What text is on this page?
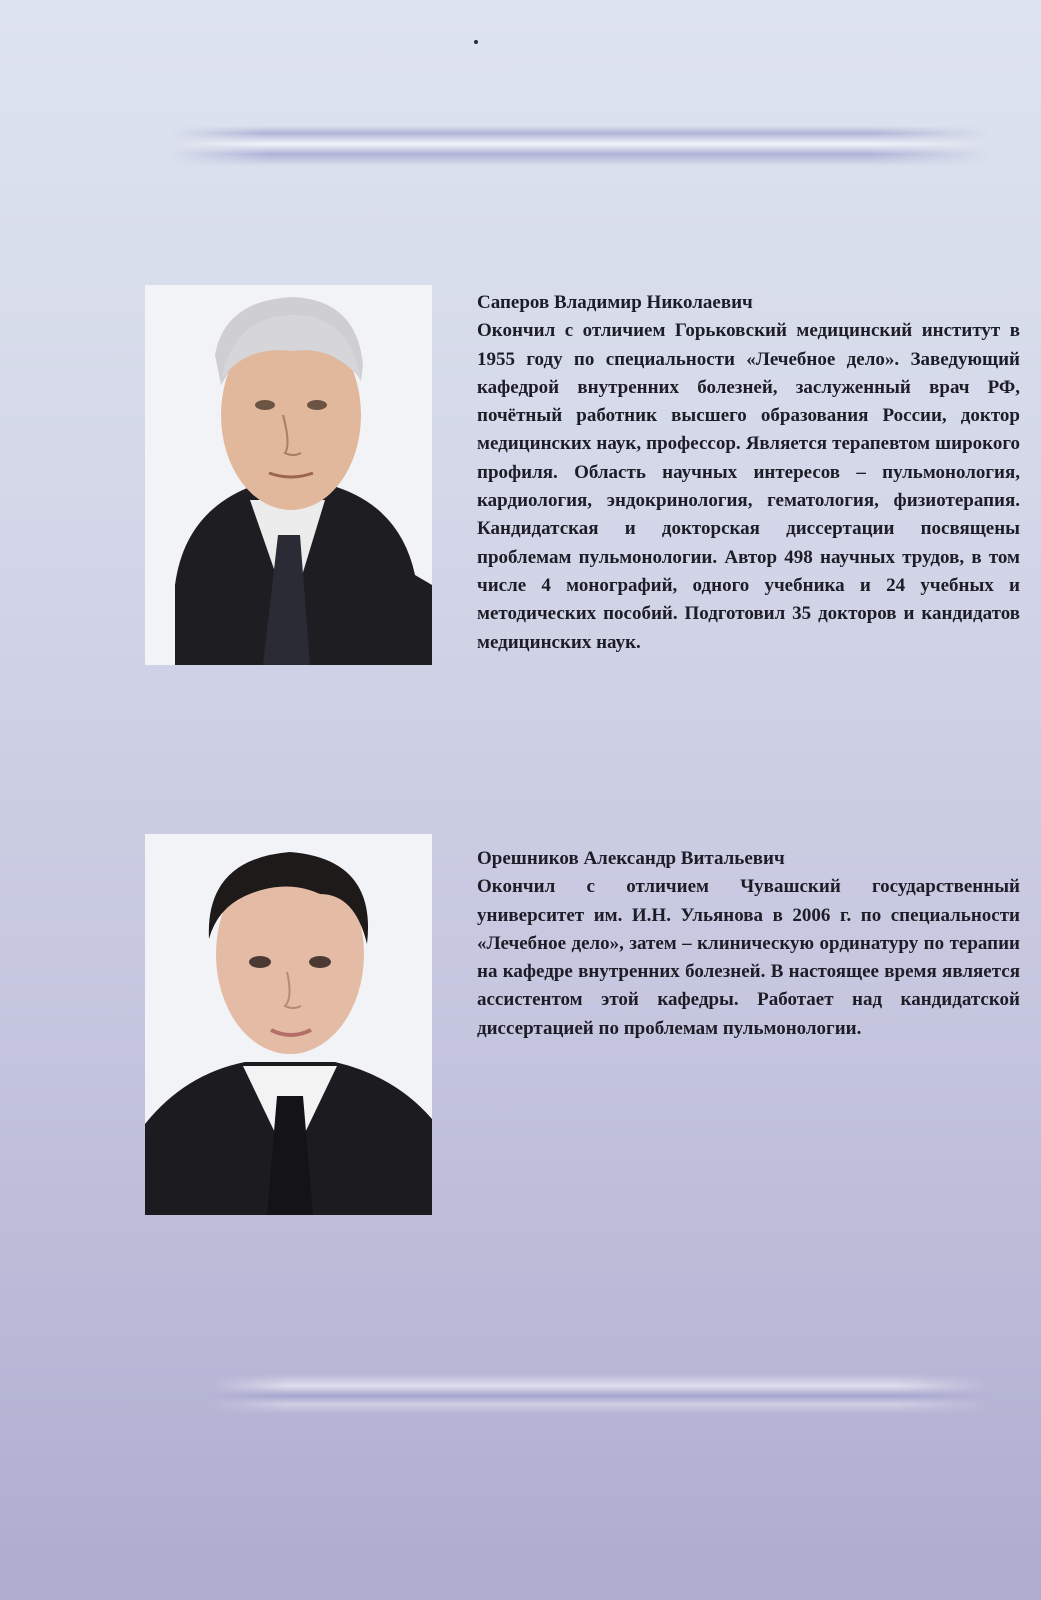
Саперов Владимир Николаевич
Окончил с отличием Горьковский медицинский институт в 1955 году по специальности «Лечебное дело». Заведующий кафедрой внутренних болезней, заслуженный врач РФ, почётный работник высшего образования России, доктор медицинских наук, профессор. Является терапевтом широкого профиля. Область научных интересов – пульмонология, кардиология, эндокринология, гематология, физиотерапия. Кандидатская и докторская диссертации посвящены проблемам пульмонологии. Автор 498 научных трудов, в том числе 4 монографий, одного учебника и 24 учебных и методических пособий. Подготовил 35 докторов и кандидатов медицинских наук.
Орешников Александр Витальевич
Окончил с отличием Чувашский государственный университет им. И.Н. Ульянова в 2006 г. по специальности «Лечебное дело», затем – клиническую ординатуру по терапии на кафедре внутренних болезней. В настоящее время является ассистентом этой кафедры. Работает над кандидатской диссертацией по проблемам пульмонологии.
